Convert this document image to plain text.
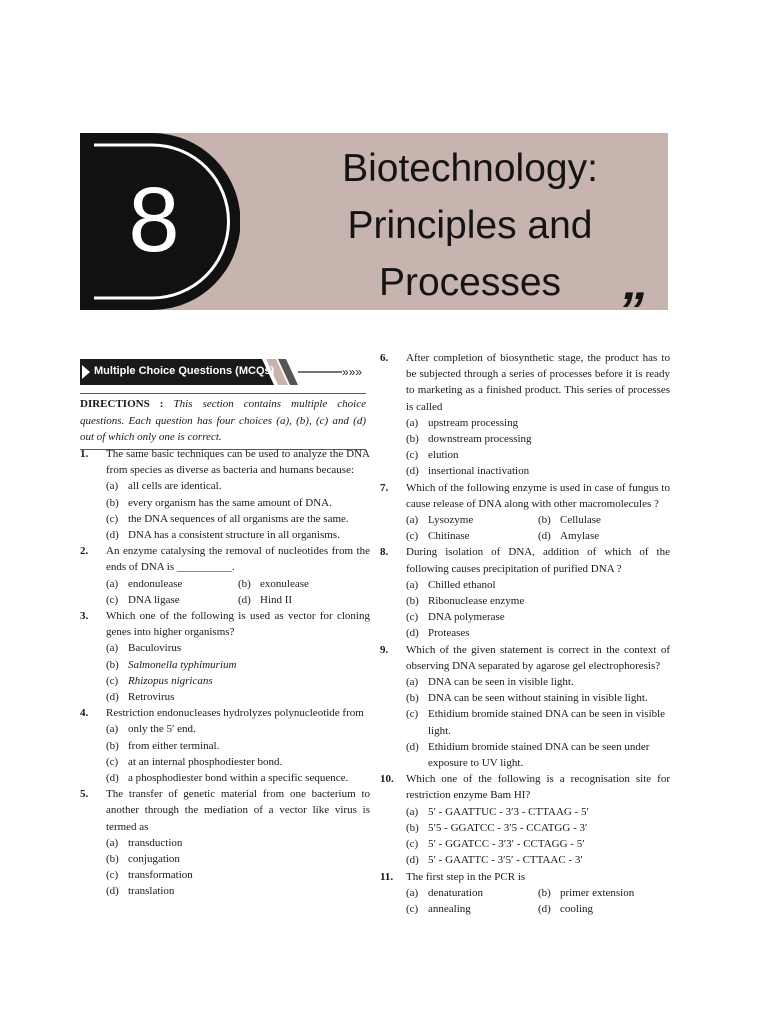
8
Biotechnology:
Principles and
Processes	”
Multiple Choice Questions (MCQs)	»»»
DIRECTIONS : This section contains multiple choice questions. Each question has four choices (a), (b), (c) and (d) out of which only one is correct.
1.	The same basic techniques can be used to analyze the DNA from species as diverse as bacteria and humans because:
(a) all cells are identical.
(b) every organism has the same amount of DNA.
(c) the DNA sequences of all organisms are the same.
(d) DNA has a consistent structure in all organisms.
2.	An enzyme catalysing the removal of nucleotides from the ends of DNA is __________.
(a) endonulease	(b) exonulease
(c) DNA ligase	(d) Hind II
3.	Which one of the following is used as vector for cloning genes into higher organisms?
(a) Baculovirus
(b) Salmonella typhimurium
(c) Rhizopus nigricans
(d) Retrovirus
4.	Restriction endonucleases hydrolyzes polynucleotide from
(a) only the 5′ end.
(b) from either terminal.
(c) at an internal phosphodiester bond.
(d) a phosphodiester bond within a specific sequence.
5.	The transfer of genetic material from one bacterium to another through the mediation of a vector like virus is termed as
(a) transduction
(b) conjugation
(c) transformation
(d) translation
6.	After completion of biosynthetic stage, the product has to be subjected through a series of processes before it is ready to marketing as a finished product. This series of processes is called
(a) upstream processing
(b) downstream processing
(c) elution
(d) insertional inactivation
7.	Which of the following enzyme is used in case of fungus to cause release of DNA along with other macromolecules ?
(a) Lysozyme	(b) Cellulase
(c) Chitinase	(d) Amylase
8.	During isolation of DNA, addition of which of the following causes precipitation of purified DNA ?
(a) Chilled ethanol
(b) Ribonuclease enzyme
(c) DNA polymerase
(d) Proteases
9.	Which of the given statement is correct in the context of observing DNA separated by agarose gel electrophoresis?
(a) DNA can be seen in visible light.
(b) DNA can be seen without staining in visible light.
(c) Ethidium bromide stained DNA can be seen in visible light.
(d) Ethidium bromide stained DNA can be seen under exposure to UV light.
10.	Which one of the following is a recognisation site for restriction enzyme Bam HI?
(a) 5′ - GAATTUC - 3′3 - CTTAAG - 5′
(b) 5′5 - GGATCC - 3′5 - CCATGG - 3′
(c) 5′ - GGATCC - 3′3′ - CCTAGG - 5′
(d) 5′ - GAATTC - 3′5′ - CTTAAC - 3′
11.	The first step in the PCR is
(a) denaturation	(b) primer extension
(c) annealing	(d) cooling
